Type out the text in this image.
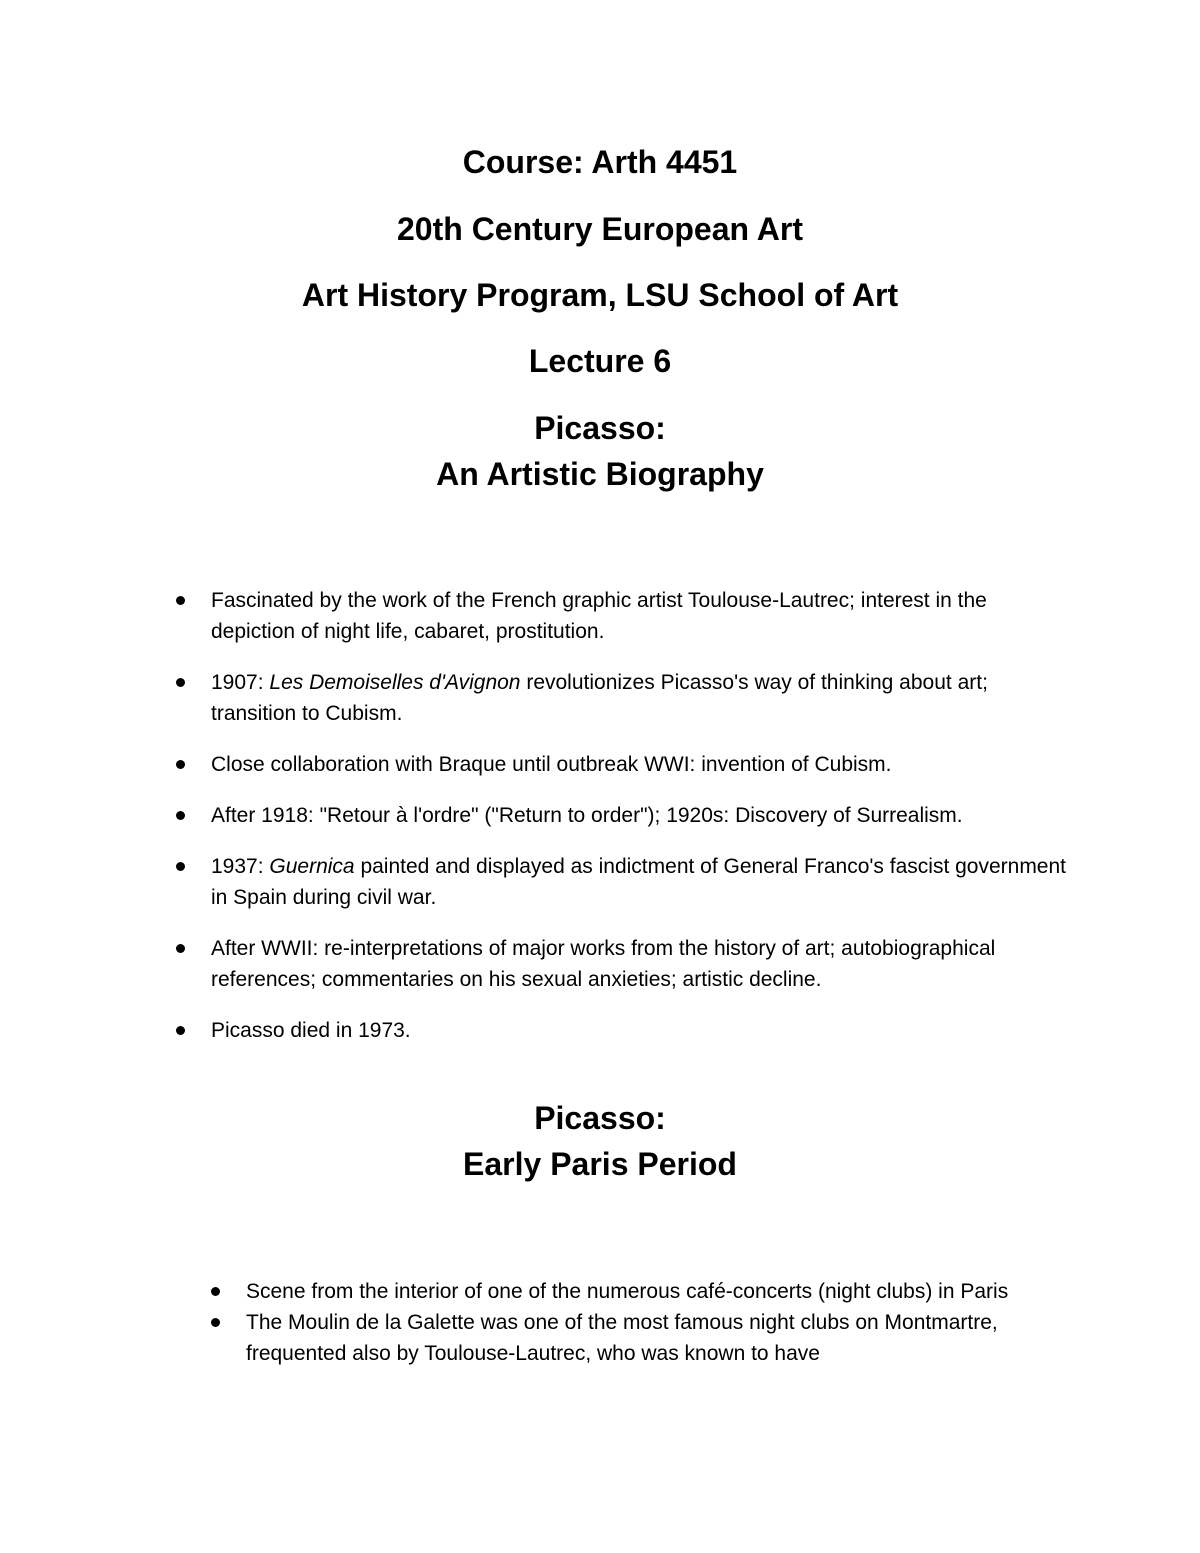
Course: Arth 4451
20th Century European Art
Art History Program, LSU School of Art
Lecture 6
Picasso:
An Artistic Biography
Fascinated by the work of the French graphic artist Toulouse-Lautrec; interest in the depiction of night life, cabaret, prostitution.
1907: Les Demoiselles d'Avignon revolutionizes Picasso's way of thinking about art; transition to Cubism.
Close collaboration with Braque until outbreak WWI: invention of Cubism.
After 1918: "Retour à l'ordre" ("Return to order"); 1920s: Discovery of Surrealism.
1937: Guernica painted and displayed as indictment of General Franco's fascist government in Spain during civil war.
After WWII: re-interpretations of major works from the history of art; autobiographical references; commentaries on his sexual anxieties; artistic decline.
Picasso died in 1973.
Picasso:
Early Paris Period
Scene from the interior of one of the numerous café-concerts (night clubs) in Paris
The Moulin de la Galette was one of the most famous night clubs on Montmartre, frequented also by Toulouse-Lautrec, who was known to have
